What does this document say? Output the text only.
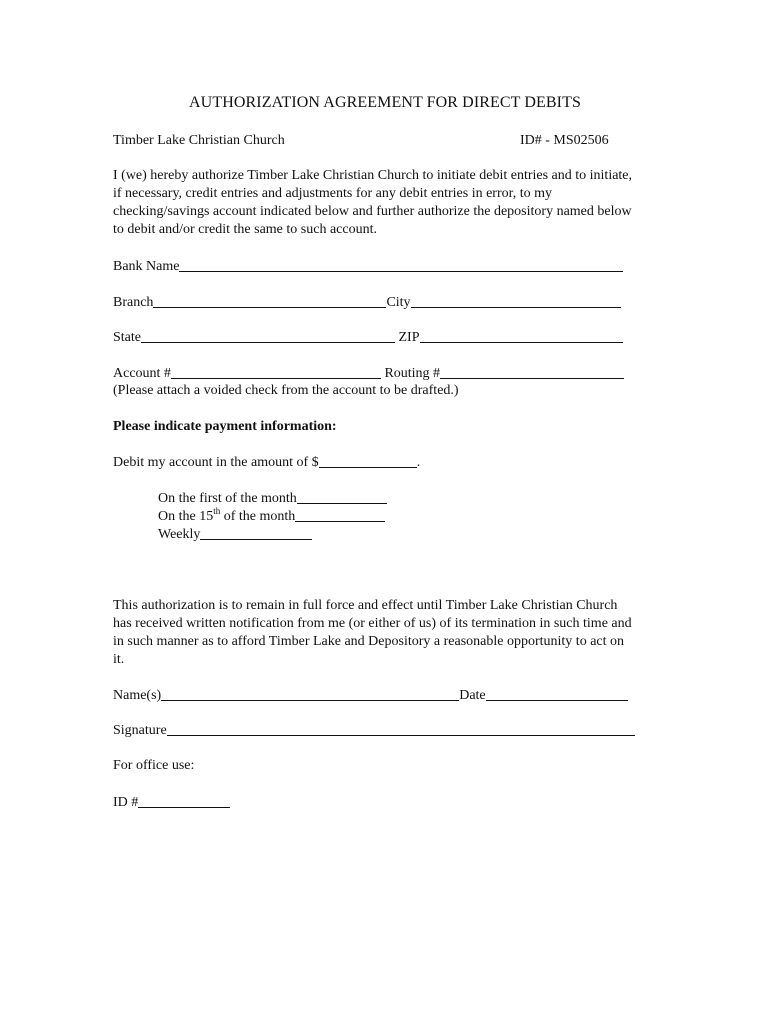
AUTHORIZATION AGREEMENT FOR DIRECT DEBITS
Timber Lake Christian Church	ID# - MS02506
I (we) hereby authorize Timber Lake Christian Church to initiate debit entries and to initiate, if necessary, credit entries and adjustments for any debit entries in error, to my checking/savings account indicated below and further authorize the depository named below to debit and/or credit the same to such account.
Bank Name
Branch	City
State	ZIP
Account #	Routing #
(Please attach a voided check from the account to be drafted.)
Please indicate payment information:
Debit my account in the amount of $	.
On the first of the month
On the 15th of the month
Weekly
This authorization is to remain in full force and effect until Timber Lake Christian Church has received written notification from me (or either of us) of its termination in such time and in such manner as to afford Timber Lake and Depository a reasonable opportunity to act on it.
Name(s)	Date
Signature
For office use:
ID #
